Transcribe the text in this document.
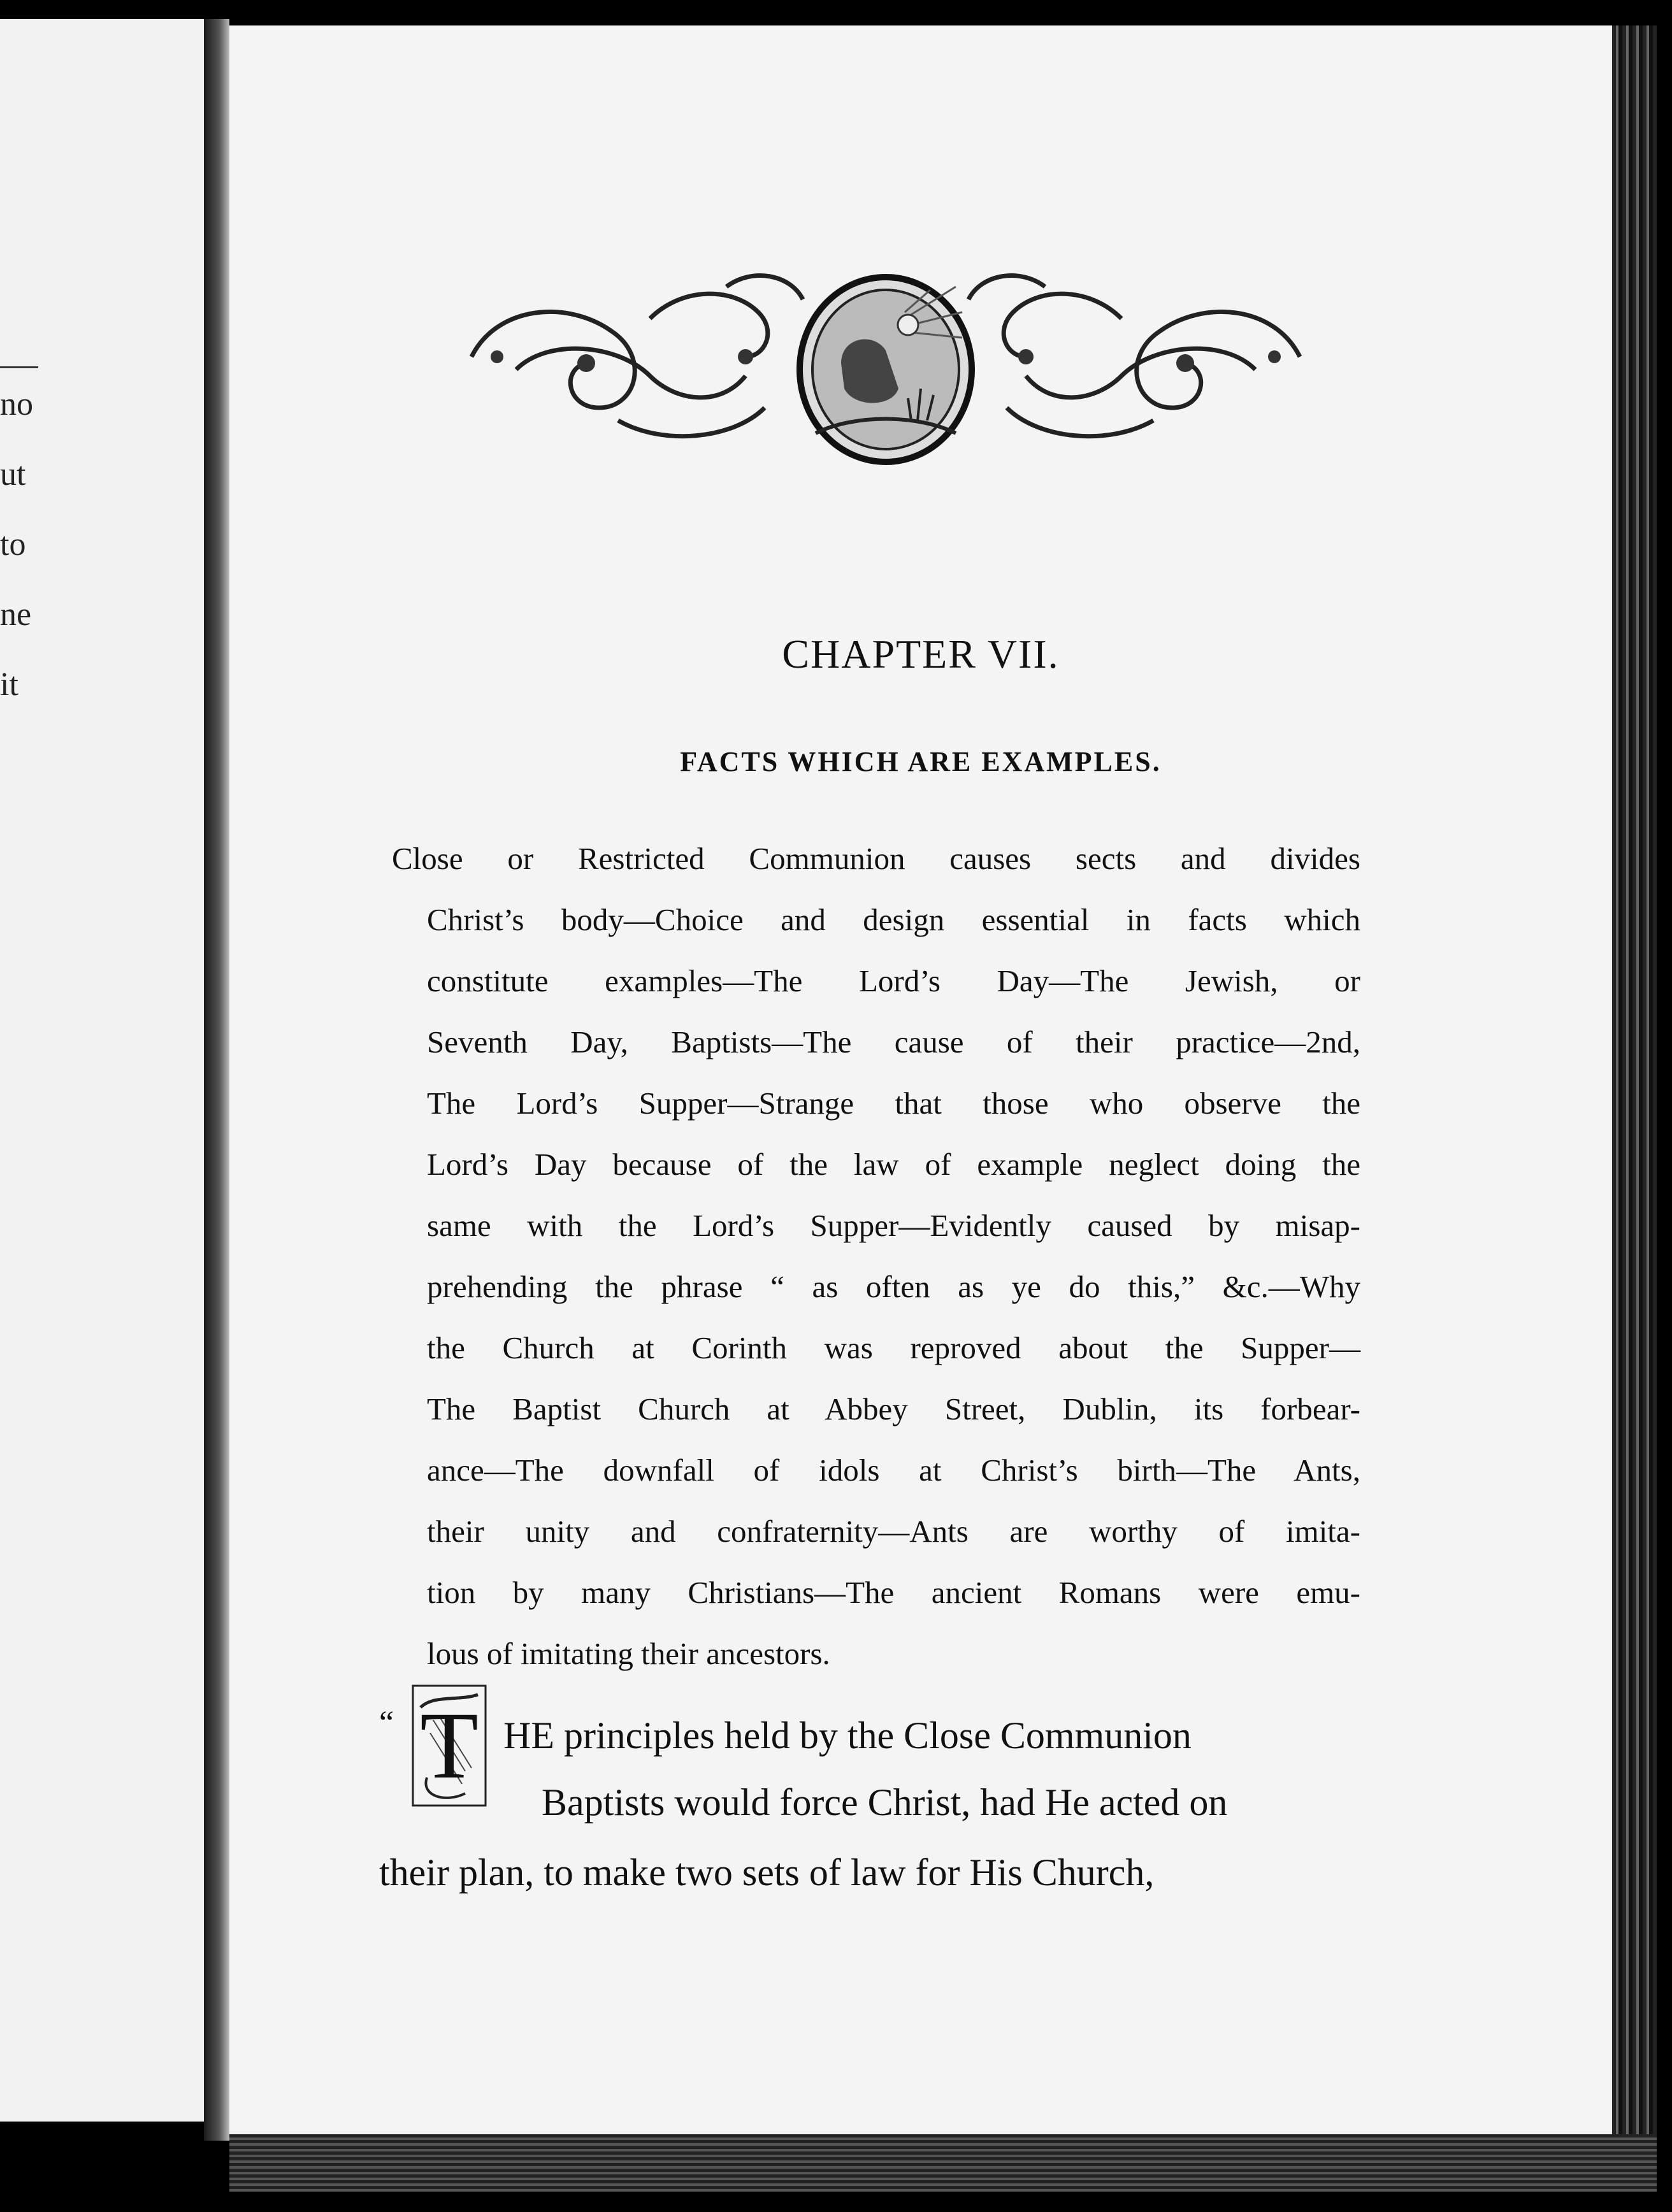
no
ut
to
ne
it
CHAPTER VII.
FACTS WHICH ARE EXAMPLES.
Close or Restricted Communion causes sects and divides
Christ’s body—Choice and design essential in facts which
constitute examples—The Lord’s Day—The Jewish, or
Seventh Day, Baptists—The cause of their practice—2nd,
The Lord’s Supper—Strange that those who observe the
Lord’s Day because of the law of example neglect doing the
same with the Lord’s Supper—Evidently caused by misap-
prehending the phrase “ as often as ye do this,” &c.—Why
the Church at Corinth was reproved about the Supper—
The Baptist Church at Abbey Street, Dublin, its forbear-
ance—The downfall of idols at Christ’s birth—The Ants,
their unity and confraternity—Ants are worthy of imita-
tion by many Christians—The ancient Romans were emu-
lous of imitating their ancestors.
“ T HE principles held by the Close Communion
Baptists would force Christ, had He acted on
their plan, to make two sets of law for His Church,
